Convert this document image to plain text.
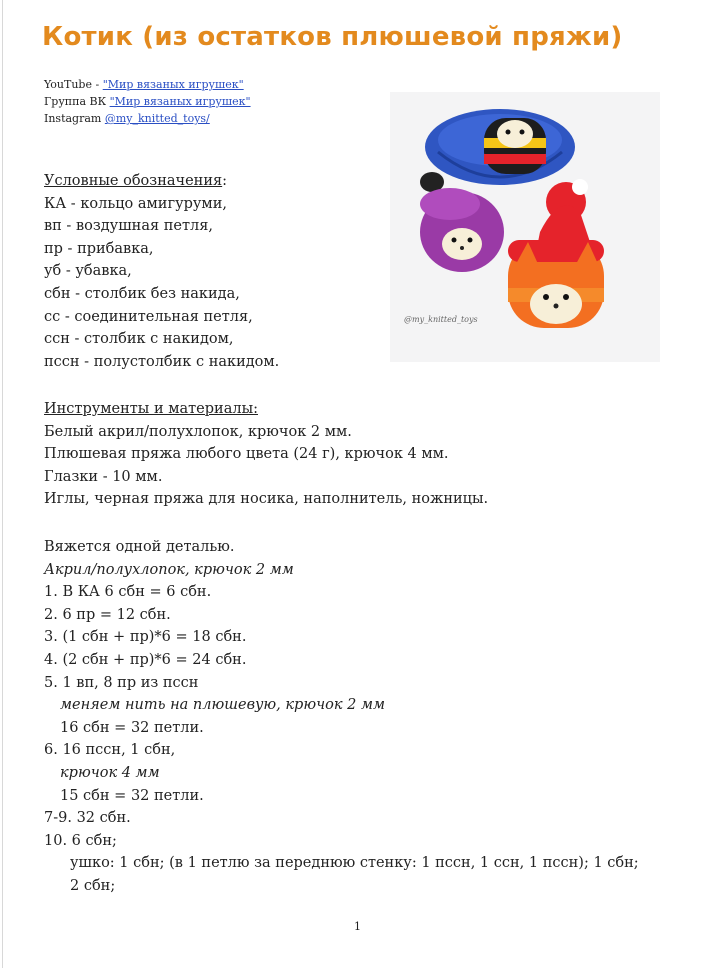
Котик (из остатков плюшевой пряжи)
YouTube - "Мир вязаных игрушек"
Группа ВК "Мир вязаных игрушек"
Instagram @my_knitted_toys/
@my_knitted_toys
Условные обозначения:
КА - кольцо амигуруми,
вп - воздушная петля,
пр - прибавка,
уб - убавка,
сбн - столбик без накида,
сс - соединительная петля,
ссн - столбик с накидом,
пссн - полустолбик с накидом.
Инструменты и материалы:
Белый акрил/полухлопок, крючок 2 мм.
Плюшевая пряжа любого цвета (24 г), крючок 4 мм.
Глазки - 10 мм.
Иглы, черная пряжа для носика, наполнитель, ножницы.
Вяжется одной деталью.
Акрил/полухлопок, крючок 2 мм
1. В КА 6 сбн = 6 сбн.
2. 6 пр = 12 сбн.
3. (1 сбн + пр)*6 = 18 сбн.
4. (2 сбн + пр)*6 = 24 сбн.
5. 1 вп, 8 пр из пссн
меняем нить на плюшевую, крючок 2 мм
16 сбн = 32 петли.
6. 16 пссн, 1 сбн,
крючок 4 мм
15 сбн = 32 петли.
7-9. 32 сбн.
10. 6 сбн;
ушко: 1 сбн; (в 1 петлю за переднюю стенку: 1 пссн, 1 ссн, 1 пссн); 1 сбн;
2 сбн;
1
